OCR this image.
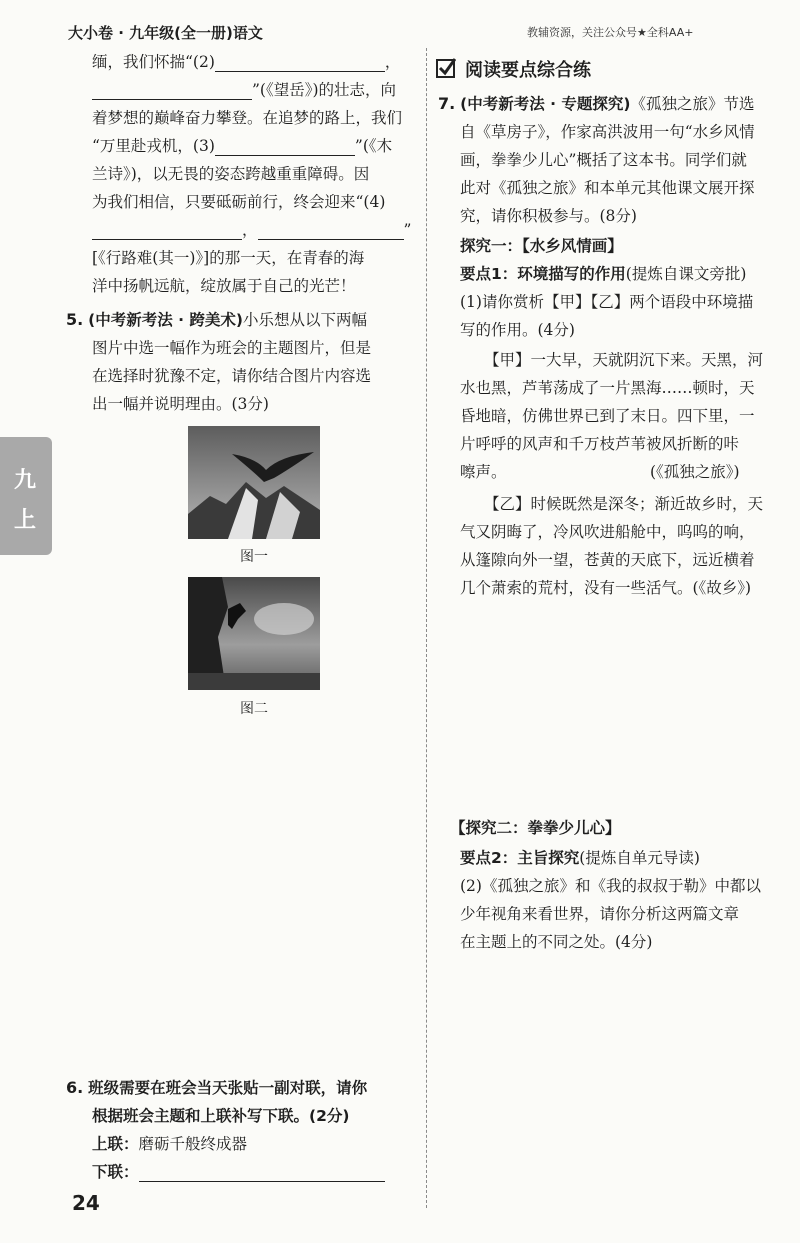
大小卷 · 九年级(全一册)语文	教辅资源，关注公众号★全科AA+
缅，我们怀揣“(2)	，
”(《望岳》)的壮志，向
着梦想的巅峰奋力攀登。在追梦的路上，我们
“万里赴戎机，(3)	”(《木
兰诗》)，以无畏的姿态跨越重重障碍。因
为我们相信，只要砥砺前行，终会迎来“(4)
，	”
[《行路难(其一)》]的那一天，在青春的海
洋中扬帆远航，绽放属于自己的光芒！
5. (中考新考法 · 跨美术)小乐想从以下两幅
图片中选一幅作为班会的主题图片，但是
在选择时犹豫不定，请你结合图片内容选
出一幅并说明理由。(3分)
图一
图二
6. 班级需要在班会当天张贴一副对联，请你
根据班会主题和上联补写下联。(2分)
上联：磨砺千般终成器
下联：
九
上
24
阅读要点综合练
7. (中考新考法 · 专题探究)《孤独之旅》节选
自《草房子》，作家高洪波用一句“水乡风情
画，拳拳少儿心”概括了这本书。同学们就
此对《孤独之旅》和本单元其他课文展开探
究，请你积极参与。(8分)
探究一：【水乡风情画】
要点1：环境描写的作用(提炼自课文旁批)
(1)请你赏析【甲】【乙】两个语段中环境描
写的作用。(4分)
【甲】一大早，天就阴沉下来。天黑，河
水也黑，芦苇荡成了一片黑海……顿时，天
昏地暗，仿佛世界已到了末日。四下里，一
片呼呼的风声和千万枝芦苇被风折断的咔
嚓声。	(《孤独之旅》)
【乙】时候既然是深冬；渐近故乡时，天
气又阴晦了，冷风吹进船舱中，呜呜的响，
从篷隙向外一望，苍黄的天底下，远近横着
几个萧索的荒村，没有一些活气。(《故乡》)
【探究二：拳拳少儿心】
要点2：主旨探究(提炼自单元导读)
(2)《孤独之旅》和《我的叔叔于勒》中都以
少年视角来看世界，请你分析这两篇文章
在主题上的不同之处。(4分)
